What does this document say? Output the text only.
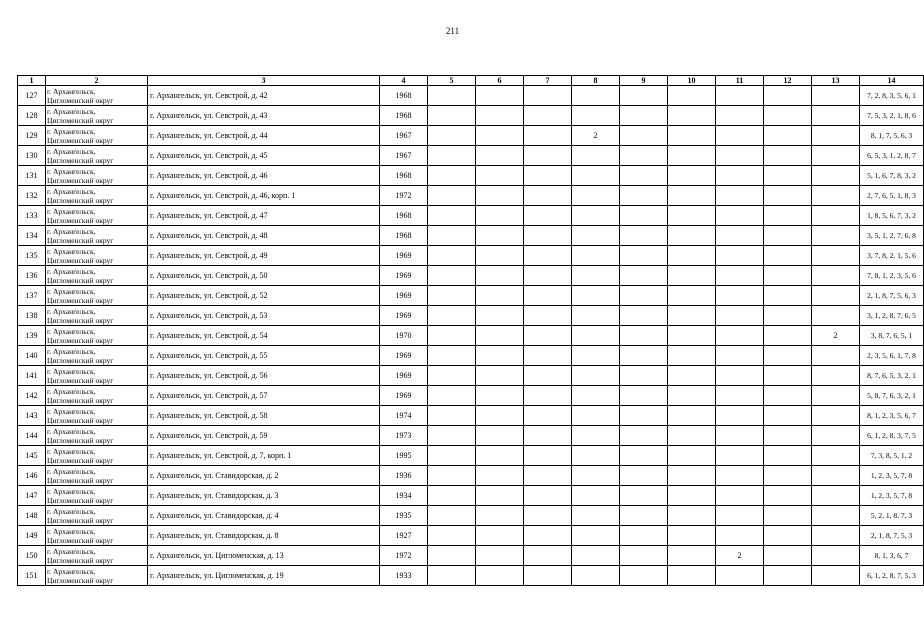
211
1	2	3	4	5	6	7	8	9	10	11	12	13	14
127	г. Архангельск,
Цигломенский округ	г. Архангельск, ул. Севстрой, д. 42	1968										7, 2, 8, 3, 5, 6, 1
128	г. Архангельск,
Цигломенский округ	г. Архангельск, ул. Севстрой, д. 43	1968										7, 5, 3, 2, 1, 8, 6
129	г. Архангельск,
Цигломенский округ	г. Архангельск, ул. Севстрой, д. 44	1967				2						8, 1, 7, 5, 6, 3
130	г. Архангельск,
Цигломенский округ	г. Архангельск, ул. Севстрой, д. 45	1967										6, 5, 3, 1, 2, 8, 7
131	г. Архангельск,
Цигломенский округ	г. Архангельск, ул. Севстрой, д. 46	1968										5, 1, 6, 7, 8, 3, 2
132	г. Архангельск,
Цигломенский округ	г. Архангельск, ул. Севстрой, д. 46, корп. 1	1972										2, 7, 6, 5, 1, 8, 3
133	г. Архангельск,
Цигломенский округ	г. Архангельск, ул. Севстрой, д. 47	1968										1, 8, 5, 6, 7, 3, 2
134	г. Архангельск,
Цигломенский округ	г. Архангельск, ул. Севстрой, д. 48	1968										3, 5, 1, 2, 7, 6, 8
135	г. Архангельск,
Цигломенский округ	г. Архангельск, ул. Севстрой, д. 49	1969										3, 7, 8, 2, 1, 5, 6
136	г. Архангельск,
Цигломенский округ	г. Архангельск, ул. Севстрой, д. 50	1969										7, 8, 1, 2, 3, 5, 6
137	г. Архангельск,
Цигломенский округ	г. Архангельск, ул. Севстрой, д. 52	1969										2, 1, 8, 7, 5, 6, 3
138	г. Архангельск,
Цигломенский округ	г. Архангельск, ул. Севстрой, д. 53	1969										3, 1, 2, 8, 7, 6, 5
139	г. Архангельск,
Цигломенский округ	г. Архангельск, ул. Севстрой, д. 54	1970									2	3, 8, 7, 6, 5, 1
140	г. Архангельск,
Цигломенский округ	г. Архангельск, ул. Севстрой, д. 55	1969										2, 3, 5, 6, 1, 7, 8
141	г. Архангельск,
Цигломенский округ	г. Архангельск, ул. Севстрой, д. 56	1969										8, 7, 6, 5, 3, 2, 1
142	г. Архангельск,
Цигломенский округ	г. Архангельск, ул. Севстрой, д. 57	1969										5, 8, 7, 6, 3, 2, 1
143	г. Архангельск,
Цигломенский округ	г. Архангельск, ул. Севстрой, д. 58	1974										8, 1, 2, 3, 5, 6, 7
144	г. Архангельск,
Цигломенский округ	г. Архангельск, ул. Севстрой, д. 59	1973										6, 1, 2, 8, 3, 7, 5
145	г. Архангельск,
Цигломенский округ	г. Архангельск, ул. Севстрой, д. 7, корп. 1	1995										7, 3, 8, 5, 1, 2
146	г. Архангельск,
Цигломенский округ	г. Архангельск, ул. Ставидорская, д. 2	1936										1, 2, 3, 5, 7, 8
147	г. Архангельск,
Цигломенский округ	г. Архангельск, ул. Ставидорская, д. 3	1934										1, 2, 3, 5, 7, 8
148	г. Архангельск,
Цигломенский округ	г. Архангельск, ул. Ставидорская, д. 4	1935										5, 2, 1, 8, 7, 3
149	г. Архангельск,
Цигломенский округ	г. Архангельск, ул. Ставидорская, д. 8	1927										2, 1, 8, 7, 5, 3
150	г. Архангельск,
Цигломенский округ	г. Архангельск, ул. Цигломенская, д. 13	1972							2			8, 1, 3, 6, 7
151	г. Архангельск,
Цигломенский округ	г. Архангельск, ул. Цигломенская, д. 19	1933										6, 1, 2, 8, 7, 5, 3
